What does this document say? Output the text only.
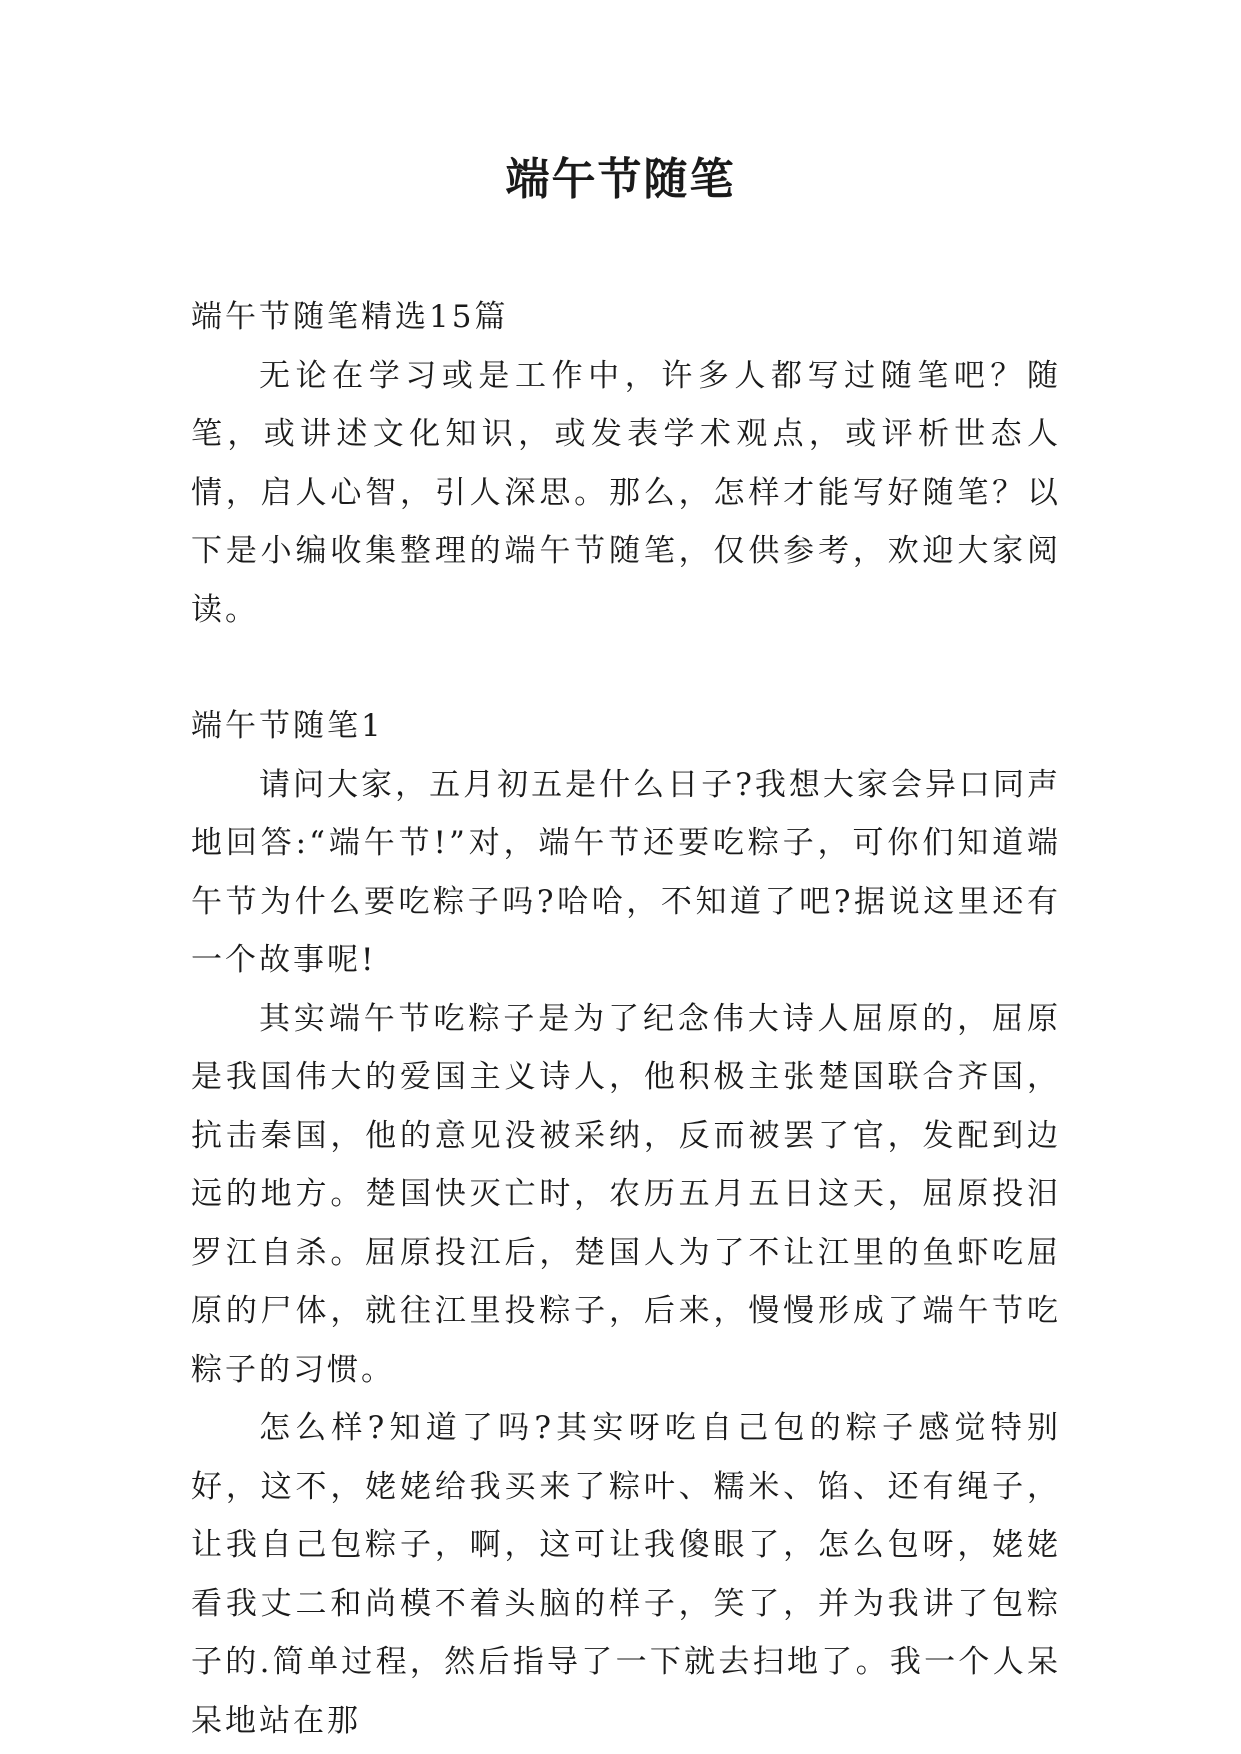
端午节随笔

端午节随笔精选15篇

无论在学习或是工作中，许多人都写过随笔吧？随笔，或讲述文化知识，或发表学术观点，或评析世态人情，启人心智，引人深思。那么，怎样才能写好随笔？以下是小编收集整理的端午节随笔，仅供参考，欢迎大家阅读。

端午节随笔1

请问大家，五月初五是什么日子?我想大家会异口同声地回答:“端午节!”对，端午节还要吃粽子，可你们知道端午节为什么要吃粽子吗?哈哈，不知道了吧?据说这里还有一个故事呢!

其实端午节吃粽子是为了纪念伟大诗人屈原的，屈原是我国伟大的爱国主义诗人，他积极主张楚国联合齐国，抗击秦国，他的意见没被采纳，反而被罢了官，发配到边远的地方。楚国快灭亡时，农历五月五日这天，屈原投汨罗江自杀。屈原投江后，楚国人为了不让江里的鱼虾吃屈原的尸体，就往江里投粽子，后来，慢慢形成了端午节吃粽子的习惯。

怎么样?知道了吗?其实呀吃自己包的粽子感觉特别好，这不，姥姥给我买来了粽叶、糯米、馅、还有绳子，让我自己包粽子，啊，这可让我傻眼了，怎么包呀，姥姥看我丈二和尚模不着头脑的样子，笑了，并为我讲了包粽子的.简单过程，然后指导了一下就去扫地了。我一个人呆呆地站在那
